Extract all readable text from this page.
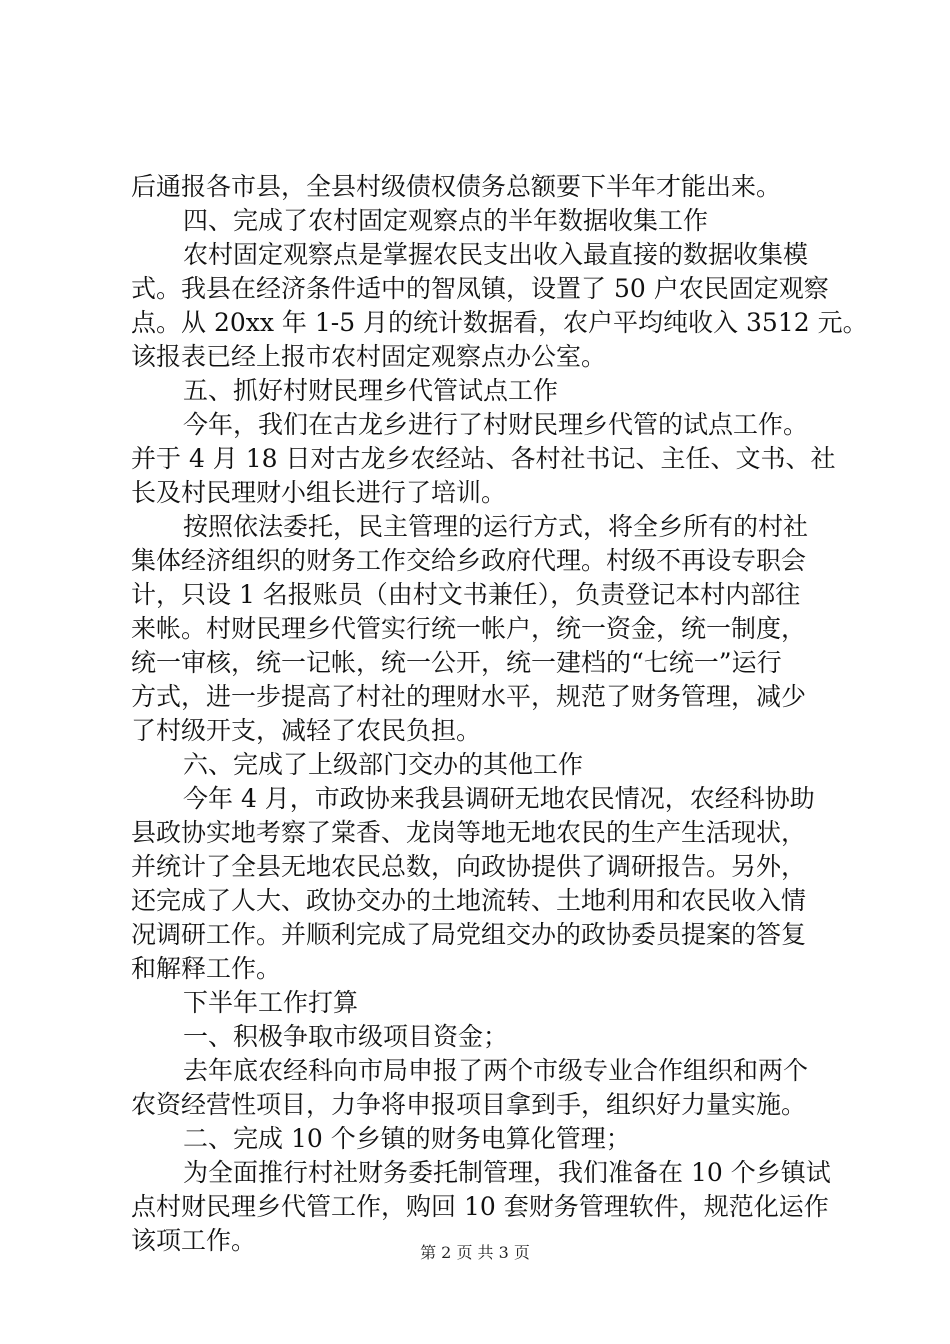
后通报各市县，全县村级债权债务总额要下半年才能出来。
四、完成了农村固定观察点的半年数据收集工作
农村固定观察点是掌握农民支出收入最直接的数据收集模
式。我县在经济条件适中的智凤镇，设置了 50 户农民固定观察
点。从 20xx 年 1-5 月的统计数据看，农户平均纯收入 3512 元。
该报表已经上报市农村固定观察点办公室。
五、抓好村财民理乡代管试点工作
今年，我们在古龙乡进行了村财民理乡代管的试点工作。
并于 4 月 18 日对古龙乡农经站、各村社书记、主任、文书、社
长及村民理财小组长进行了培训。
按照依法委托，民主管理的运行方式，将全乡所有的村社
集体经济组织的财务工作交给乡政府代理。村级不再设专职会
计，只设 1 名报账员（由村文书兼任），负责登记本村内部往
来帐。村财民理乡代管实行统一帐户，统一资金，统一制度，
统一审核，统一记帐，统一公开，统一建档的“七统一”运行
方式，进一步提高了村社的理财水平，规范了财务管理，减少
了村级开支，减轻了农民负担。
六、完成了上级部门交办的其他工作
今年 4 月，市政协来我县调研无地农民情况，农经科协助
县政协实地考察了棠香、龙岗等地无地农民的生产生活现状，
并统计了全县无地农民总数，向政协提供了调研报告。另外，
还完成了人大、政协交办的土地流转、土地利用和农民收入情
况调研工作。并顺利完成了局党组交办的政协委员提案的答复
和解释工作。
下半年工作打算
一、积极争取市级项目资金；
去年底农经科向市局申报了两个市级专业合作组织和两个
农资经营性项目，力争将申报项目拿到手，组织好力量实施。
二、完成 10 个乡镇的财务电算化管理；
为全面推行村社财务委托制管理，我们准备在 10 个乡镇试
点村财民理乡代管工作，购回 10 套财务管理软件，规范化运作
该项工作。	第 2 页 共 3 页
